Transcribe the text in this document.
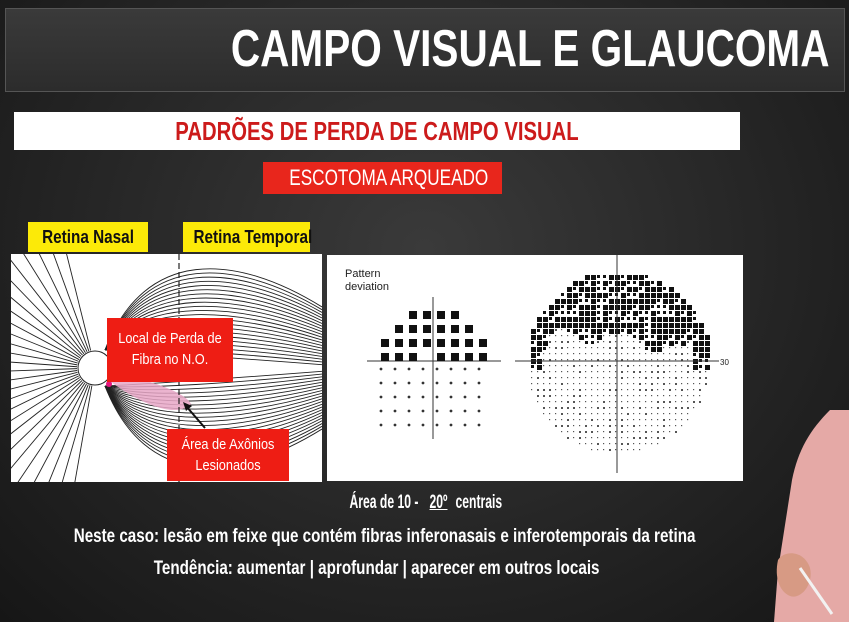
CAMPO VISUAL E GLAUCOMA
PADRÕES DE PERDA DE CAMPO VISUAL
ESCOTOMA ARQUEADO
Retina Nasal	Retina Temporal
Local de Perda de
Fibra no N.O.
Área de Axônios
Lesionados
Pattern
deviation
30
Área de 10 -20ºcentrais
Neste caso: lesão em feixe que contém fibras inferonasais e inferotemporais da retina
Tendência: aumentar | aprofundar | aparecer em outros locais
